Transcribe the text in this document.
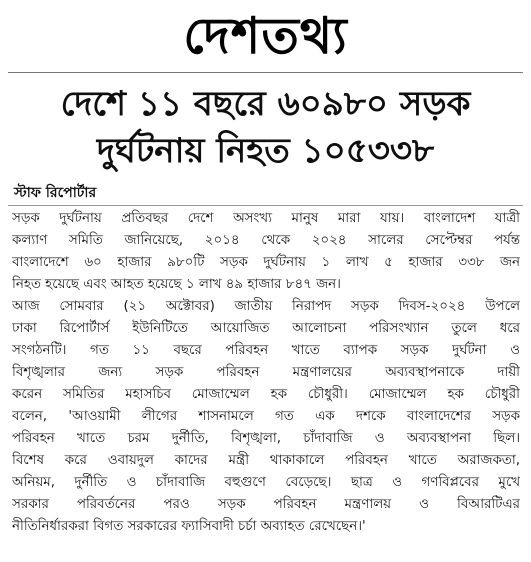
দেশতথ্য
দেশে ১১ বছরে ৬০৯৮০ সড়ক
দুর্ঘটনায় নিহত ১০৫৩৩৮
স্টাফ রিপোর্টার
সড়ক দুর্ঘটনায় প্রতিবছর দেশে অসংখ্য মানুষ মারা যায়। বাংলাদেশ যাত্রী
কল্যাণ সমিতি জানিয়েছে, ২০১৪ থেকে ২০২৪ সালের সেপ্টেম্বর পর্যন্ত
বাংলাদেশে ৬০ হাজার ৯৮০টি সড়ক দুর্ঘটনায় ১ লাখ ৫ হাজার ৩৩৮ জন
নিহত হয়েছে এবং আহত হয়েছে ১ লাখ ৪৯ হাজার ৮৪৭ জন।
আজ সোমবার (২১ অক্টোবর) জাতীয় নিরাপদ সড়ক দিবস-২০২৪ উপলে
ঢাকা রিপোর্টার্স ইউনিটিতে আয়োজিত আলোচনা পরিসংখ্যান তুলে ধরে
সংগঠনটি। গত ১১ বছরে পরিবহন খাতে ব্যাপক সড়ক দুর্ঘটনা ও
বিশৃঙ্খলার জন্য সড়ক পরিবহন মন্ত্রণালয়ের অব্যবস্থাপনাকে দায়ী
করেন সমিতির মহাসচিব মোজাম্মেল হক চৌধুরী। মোজাম্মেল হক চৌধুরী
বলেন, 'আওয়ামী লীগের শাসনামলে গত এক দশকে বাংলাদেশের সড়ক
পরিবহন খাতে চরম দুর্নীতি, বিশৃঙ্খলা, চাঁদাবাজি ও অব্যবস্থাপনা ছিল।
বিশেষ করে ওবায়দুল কাদের মন্ত্রী থাকাকালে পরিবহন খাতে অরাজকতা,
অনিয়ম, দুর্নীতি ও চাঁদাবাজি বহুগুণে বেড়েছে। ছাত্র ও গণবিপ্লবের মুখে
সরকার পরিবর্তনের পরও সড়ক পরিবহন মন্ত্রণালয় ও বিআরটিএর
নীতিনির্ধারকরা বিগত সরকারের ফ্যাসিবাদী চর্চা অব্যাহত রেখেছেন।'
